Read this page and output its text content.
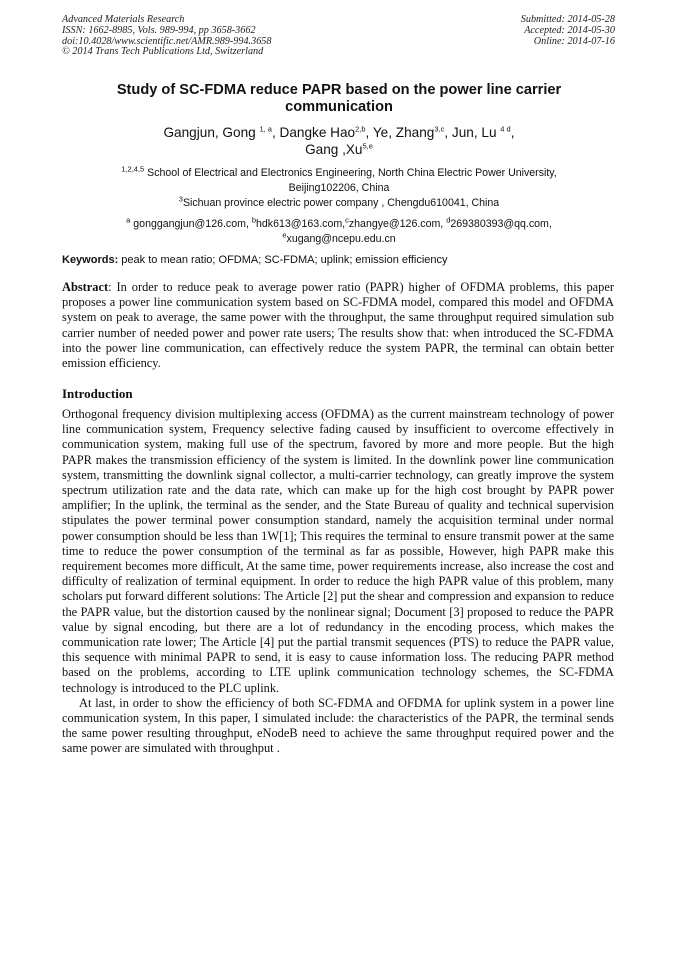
Advanced Materials Research
ISSN: 1662-8985, Vols. 989-994, pp 3658-3662
doi:10.4028/www.scientific.net/AMR.989-994.3658
© 2014 Trans Tech Publications Ltd, Switzerland
Submitted: 2014-05-28
Accepted: 2014-05-30
Online: 2014-07-16
Study of SC-FDMA reduce PAPR based on the power line carrier
communication
Gangjun, Gong $^{1, a}$, Dangke Hao$^{2,b}$, Ye, Zhang$^{3,c}$, Jun, Lu $^{4 d}$,
Gang ,Xu$^{5,e}$
$^{1,2,4,5}$ School of Electrical and Electronics Engineering, North China Electric Power University,
Beijing102206, China
$^3$Sichuan province electric power company , Chengdu610041, China
$^a$ gonggangjun@126.com, $^b$hdk613@163.com,$^c$zhangye@126.com, $^d$269380393@qq.com,
$^e$xugang@ncepu.edu.cn
Keywords: peak to mean ratio; OFDMA; SC-FDMA; uplink; emission efficiency
Abstract: In order to reduce peak to average power ratio (PAPR) higher of OFDMA problems, this paper proposes a power line communication system based on SC-FDMA model, compared this model and OFDMA system on peak to average, the same power with the throughput, the same throughput required simulation sub carrier number of needed power and power rate users; The results show that: when introduced the SC-FDMA into the power line communication, can effectively reduce the system PAPR, the terminal can obtain better emission efficiency.
Introduction

Orthogonal frequency division multiplexing access (OFDMA) as the current mainstream technology of power line communication system, Frequency selective fading caused by insufficient to overcome effectively in communication system, making full use of the spectrum, favored by more and more people. But the high PAPR makes the transmission efficiency of the system is limited. In the downlink power line communication system, transmitting the downlink signal collector, a multi-carrier technology, can greatly improve the system spectrum utilization rate and the data rate, which can make up for the high cost brought by PAPR power amplifier; In the uplink, the terminal as the sender, and the State Bureau of quality and technical supervision stipulates the power terminal power consumption standard, namely the acquisition terminal under normal power consumption should be less than 1W[1]; This requires the terminal to ensure transmit power at the same time to reduce the power consumption of the terminal as far as possible, However, high PAPR make this requirement becomes more difficult, At the same time, power requirements increase, also increase the cost and difficulty of realization of terminal equipment. In order to reduce the high PAPR value of this problem, many scholars put forward different solutions: The Article [2] put the shear and compression and expansion to reduce the PAPR value, but the distortion caused by the nonlinear signal; Document [3] proposed to reduce the PAPR value by signal encoding, but there are a lot of redundancy in the encoding process, which makes the communication rate lower; The Article [4] put the partial transmit sequences (PTS) to reduce the PAPR value, this sequence with minimal PAPR to send, it is easy to cause information loss. The reducing PAPR method based on the problems, according to LTE uplink communication technology schemes, the SC-FDMA technology is introduced to the PLC uplink.

At last, in order to show the efficiency of both SC-FDMA and OFDMA for uplink system in a power line communication system, In this paper, I simulated include: the characteristics of the PAPR, the terminal sends the same power resulting throughput, eNodeB need to achieve the same throughput required power and the same power are simulated with throughput .
